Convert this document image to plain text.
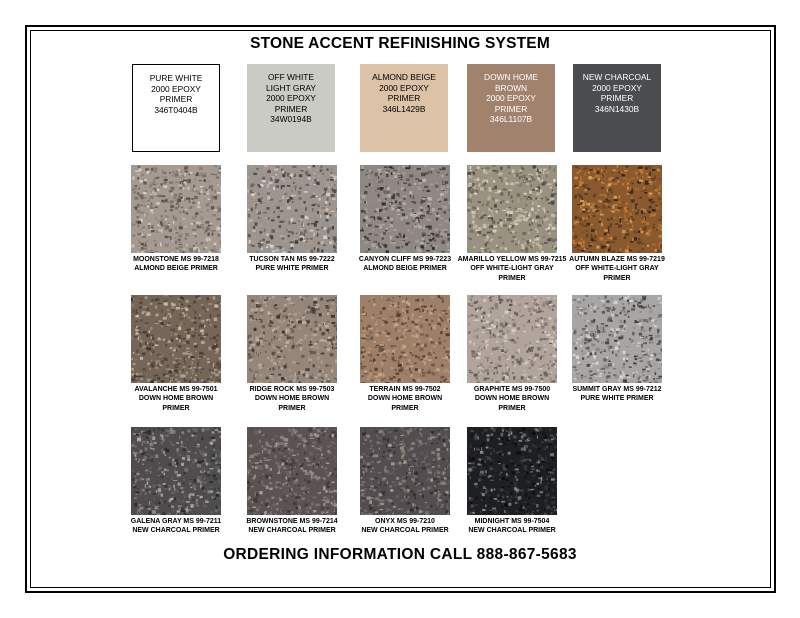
STONE ACCENT REFINISHING SYSTEM
PURE WHITE
2000 EPOXY
PRIMER
346T0404B
OFF WHITE
LIGHT GRAY
2000 EPOXY
PRIMER
34W0194B
ALMOND BEIGE
2000 EPOXY
PRIMER
346L1429B
DOWN HOME
BROWN
2000 EPOXY
PRIMER
346L1107B
NEW CHARCOAL
2000 EPOXY
PRIMER
346N1430B
MOONSTONE MS 99-7218
ALMOND BEIGE PRIMER
TUCSON TAN MS 99-7222
PURE WHITE PRIMER
CANYON CLIFF MS 99-7223
ALMOND BEIGE PRIMER
AMARILLO YELLOW MS 99-7215
OFF WHITE-LIGHT GRAY
PRIMER
AUTUMN BLAZE MS 99-7219
OFF WHITE-LIGHT GRAY
PRIMER
AVALANCHE MS 99-7501
DOWN HOME BROWN
PRIMER
RIDGE ROCK MS 99-7503
DOWN HOME BROWN
PRIMER
TERRAIN MS 99-7502
DOWN HOME BROWN
PRIMER
GRAPHITE MS 99-7500
DOWN HOME BROWN
PRIMER
SUMMIT GRAY MS 99-7212
PURE WHITE PRIMER
GALENA GRAY MS 99-7211
NEW CHARCOAL PRIMER
BROWNSTONE MS 99-7214
NEW CHARCOAL PRIMER
ONYX MS 99-7210
NEW CHARCOAL PRIMER
MIDNIGHT MS 99-7504
NEW CHARCOAL PRIMER
ORDERING INFORMATION CALL 888-867-5683
